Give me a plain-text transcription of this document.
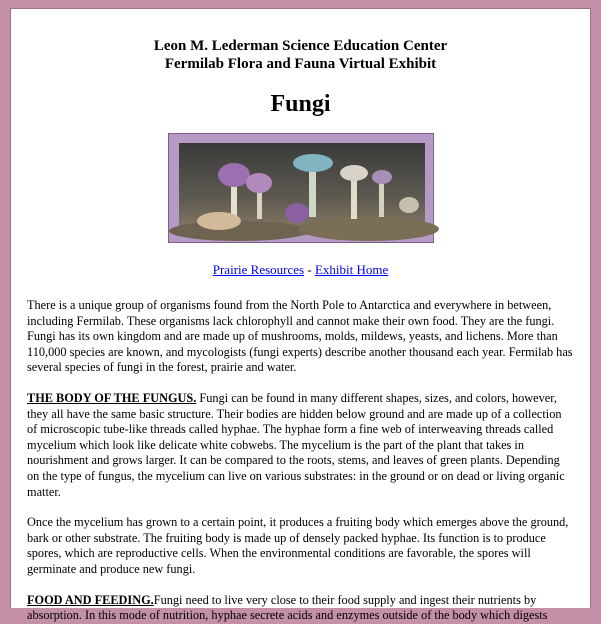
Leon M. Lederman Science Education Center
Fermilab Flora and Fauna Virtual Exhibit
Fungi
Prairie Resources - Exhibit Home

There is a unique group of organisms found from the North Pole to Antarctica and everywhere in between, including Fermilab. These organisms lack chlorophyll and cannot make their own food. They are the fungi. Fungi has its own kingdom and are made up of mushrooms, molds, mildews, yeasts, and lichens. More than 110,000 species are known, and mycologists (fungi experts) describe another thousand each year. Fermilab has several species of fungi in the forest, prairie and water.

THE BODY OF THE FUNGUS. Fungi can be found in many different shapes, sizes, and colors, however, they all have the same basic structure. Their bodies are hidden below ground and are made up of a collection of microscopic tube-like threads called hyphae. The hyphae form a fine web of interweaving threads called mycelium which look like delicate white cobwebs. The mycelium is the part of the plant that takes in nourishment and grows larger. It can be compared to the roots, stems, and leaves of green plants. Depending on the type of fungus, the mycelium can live on various substrates: in the ground or on dead or living organic matter.

Once the mycelium has grown to a certain point, it produces a fruiting body which emerges above the ground, bark or other substrate. The fruiting body is made up of densely packed hyphae. Its function is to produce spores, which are reproductive cells. When the environmental conditions are favorable, the spores will germinate and produce new fungi.

FOOD AND FEEDING.Fungi need to live very close to their food supply and ingest their nutrients by absorption. In this mode of nutrition, hyphae secrete acids and enzymes outside of the body which digests
